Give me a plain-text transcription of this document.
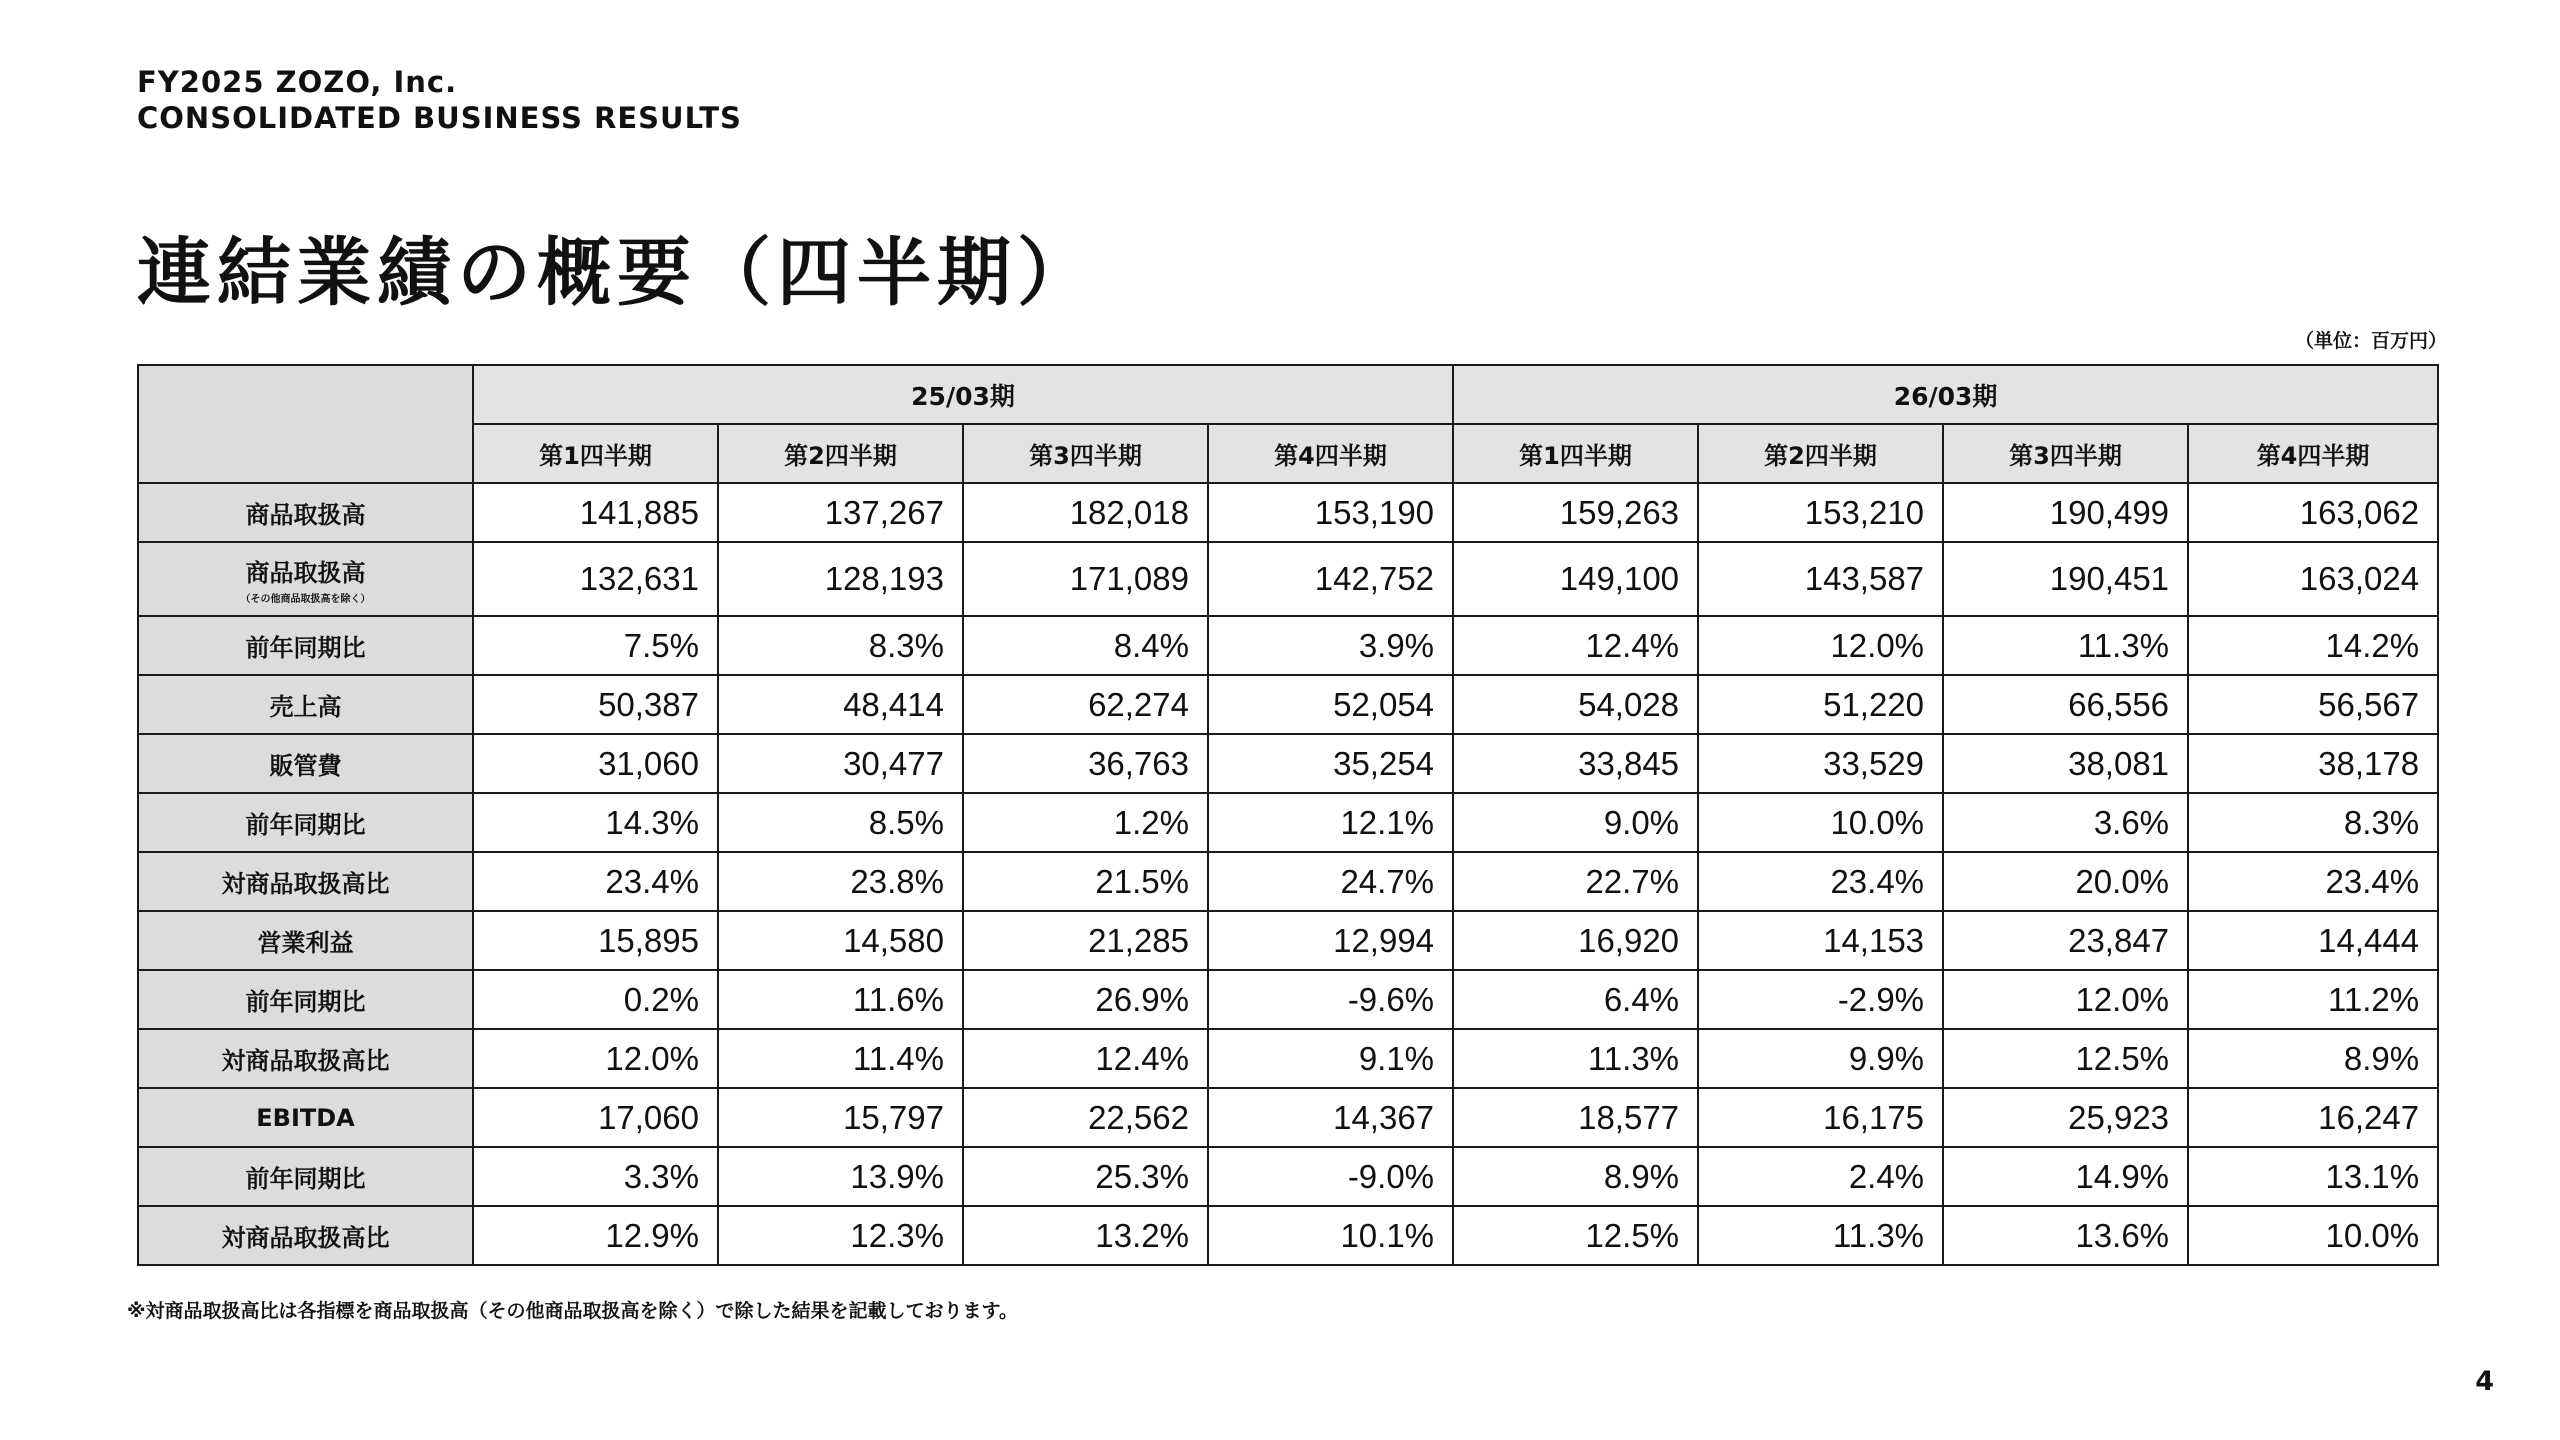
FY2025 ZOZO, Inc.
CONSOLIDATED BUSINESS RESULTS
連結業績の概要（四半期）
（単位：百万円）
	25/03期				26/03期			
	第1四半期	第2四半期	第3四半期	第4四半期	第1四半期	第2四半期	第3四半期	第4四半期
商品取扱高	141,885	137,267	182,018	153,190	159,263	153,210	190,499	163,062
商品取扱高
（その他商品取扱高を除く）	132,631	128,193	171,089	142,752	149,100	143,587	190,451	163,024
前年同期比	7.5%	8.3%	8.4%	3.9%	12.4%	12.0%	11.3%	14.2%
売上高	50,387	48,414	62,274	52,054	54,028	51,220	66,556	56,567
販管費	31,060	30,477	36,763	35,254	33,845	33,529	38,081	38,178
前年同期比	14.3%	8.5%	1.2%	12.1%	9.0%	10.0%	3.6%	8.3%
対商品取扱高比	23.4%	23.8%	21.5%	24.7%	22.7%	23.4%	20.0%	23.4%
営業利益	15,895	14,580	21,285	12,994	16,920	14,153	23,847	14,444
前年同期比	0.2%	11.6%	26.9%	-9.6%	6.4%	-2.9%	12.0%	11.2%
対商品取扱高比	12.0%	11.4%	12.4%	9.1%	11.3%	9.9%	12.5%	8.9%
EBITDA	17,060	15,797	22,562	14,367	18,577	16,175	25,923	16,247
前年同期比	3.3%	13.9%	25.3%	-9.0%	8.9%	2.4%	14.9%	13.1%
対商品取扱高比	12.9%	12.3%	13.2%	10.1%	12.5%	11.3%	13.6%	10.0%
※対商品取扱高比は各指標を商品取扱高（その他商品取扱高を除く）で除した結果を記載しております。
4
